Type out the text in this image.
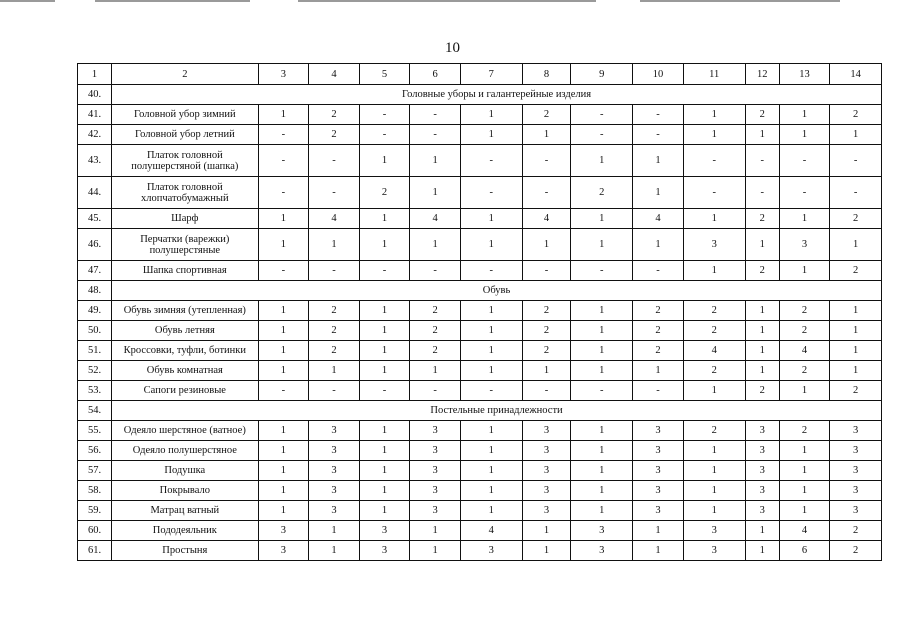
10
1	2	3	4	5	6	7	8	9	10	11	12	13	14
40.	Головные уборы и галантерейные изделия												
41.	Головной убор зимний	1	2	-	-	1	2	-	-	1	2	1	2
42.	Головной убор летний	-	2	-	-	1	1	-	-	1	1	1	1
43.	Платок головной полушерстяной (шапка)	-	-	1	1	-	-	1	1	-	-	-	-
44.	Платок головной хлопчатобумажный	-	-	2	1	-	-	2	1	-	-	-	-
45.	Шарф	1	4	1	4	1	4	1	4	1	2	1	2
46.	Перчатки (варежки) полушерстяные	1	1	1	1	1	1	1	1	3	1	3	1
47.	Шапка спортивная	-	-	-	-	-	-	-	-	1	2	1	2
48.	Обувь												
49.	Обувь зимняя (утепленная)	1	2	1	2	1	2	1	2	2	1	2	1
50.	Обувь летняя	1	2	1	2	1	2	1	2	2	1	2	1
51.	Кроссовки, туфли, ботинки	1	2	1	2	1	2	1	2	4	1	4	1
52.	Обувь комнатная	1	1	1	1	1	1	1	1	2	1	2	1
53.	Сапоги резиновые	-	-	-	-	-	-	-	-	1	2	1	2
54.	Постельные принадлежности												
55.	Одеяло шерстяное (ватное)	1	3	1	3	1	3	1	3	2	3	2	3
56.	Одеяло полушерстяное	1	3	1	3	1	3	1	3	1	3	1	3
57.	Подушка	1	3	1	3	1	3	1	3	1	3	1	3
58.	Покрывало	1	3	1	3	1	3	1	3	1	3	1	3
59.	Матрац ватный	1	3	1	3	1	3	1	3	1	3	1	3
60.	Пододеяльник	3	1	3	1	4	1	3	1	3	1	4	2
61.	Простыня	3	1	3	1	3	1	3	1	3	1	6	2
